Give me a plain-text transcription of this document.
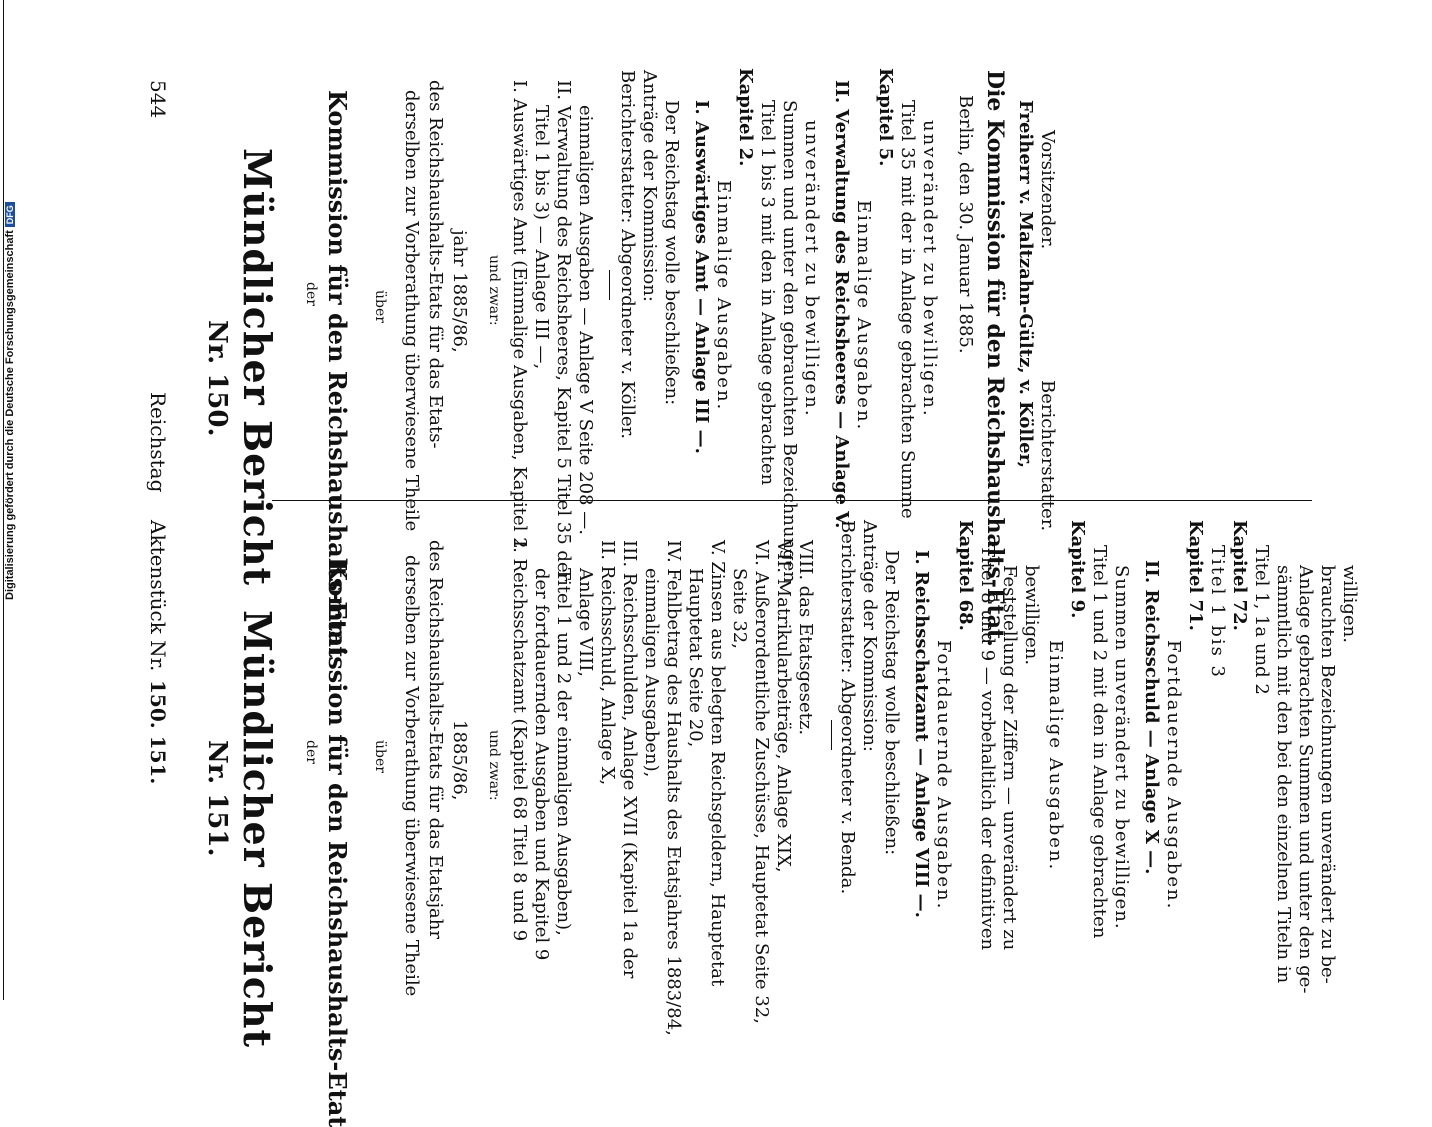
544
Reichstag
Aktenstück Nr.
150. 151.
Nr. 150. Mündlicher Bericht der Kommission für den Reichshaushalts-Etat über derselben zur Vorberathung überwiesene Theile des Reichshaushalts-Etats für das Etats- jahr 1885/86, und zwar: I. Auswärtiges Amt (Einmalige Ausgaben, Kapitel 2 Titel 1 bis 3) — Anlage III —, II. Verwaltung des Reichsheeres, Kapitel 5 Titel 35 der einmaligen Ausgaben — Anlage V Seite 208 —. Berichterstatter: Abgeordneter v. Köller. Anträge der Kommission: Der Reichstag wolle beschließen: I. Auswärtiges Amt — Anlage III —. Einmalige Ausgaben.
Kapitel 2. Titel 1 bis 3 mit den in Anlage gebrachten Summen und unter den gebrauchten Bezeichnungen unverändert zu bewilligen. II. Verwaltung des Reichsheeres — Anlage V. Einmalige Ausgaben.
Kapitel 5. Titel 35 mit der in Anlage gebrachten Summe unverändert zu bewilligen. Berlin, den 30. Januar 1885. Die Kommission für den Reichshaushalts-Etat. Freiherr v. Maltzahn-Gültz, Vorsitzender.
v. Köller, Berichterstatter.
Nr. 151. Mündlicher Bericht der Kommission für den Reichshaushalts-Etat über derselben zur Vorberathung überwiesene Theile des Reichshaushalts-Etats für das Etatsjahr 1885/86, und zwar: I. Reichsschatzamt (Kapitel 68 Titel 8 und 9 der fortdauernden Ausgaben und Kapitel 9 Titel 1 und 2 der einmaligen Ausgaben), Anlage VIII, II. Reichsschuld, Anlage X, III. Reichsschulden, Anlage XVII (Kapitel 1a der einmaligen Ausgaben), IV. Fehlbetrag des Haushalts des Etatsjahres 1883/84, Hauptetat Seite 20, V. Zinsen aus belegten Reichsgeldern, Hauptetat Seite 32, VI. Außerordentliche Zuschüsse, Hauptetat Seite 32, VII. Matrikularbeiträge, Anlage XIX, VIII. das Etatsgesetz. Berichterstatter: Abgeordneter v. Benda. Anträge der Kommission: Der Reichstag wolle beschließen: I. Reichsschatzamt — Anlage VIII —. Fortdauernde Ausgaben.
Kapitel 68. Titel 8 und 9 — vorbehaltlich der definitiven Feststellung der Ziffern — unverändert zu bewilligen.
Einmalige Ausgaben.
Kapitel 9. Titel 1 und 2 mit den in Anlage gebrachten Summen unverändert zu bewilligen. II. Reichsschuld — Anlage X —. Fortdauernde Ausgaben.
Kapitel 71. Titel 1 bis 3 Kapitel 72. Titel 1, 1a und 2 sämmtlich mit den bei den einzelnen Titeln in Anlage gebrachten Summen und unter den ge- brauchten Bezeichnungen unverändert zu be- willigen.
Digitalisierung gefördert durch die Deutsche ForschungsgemeinschaftDFG
